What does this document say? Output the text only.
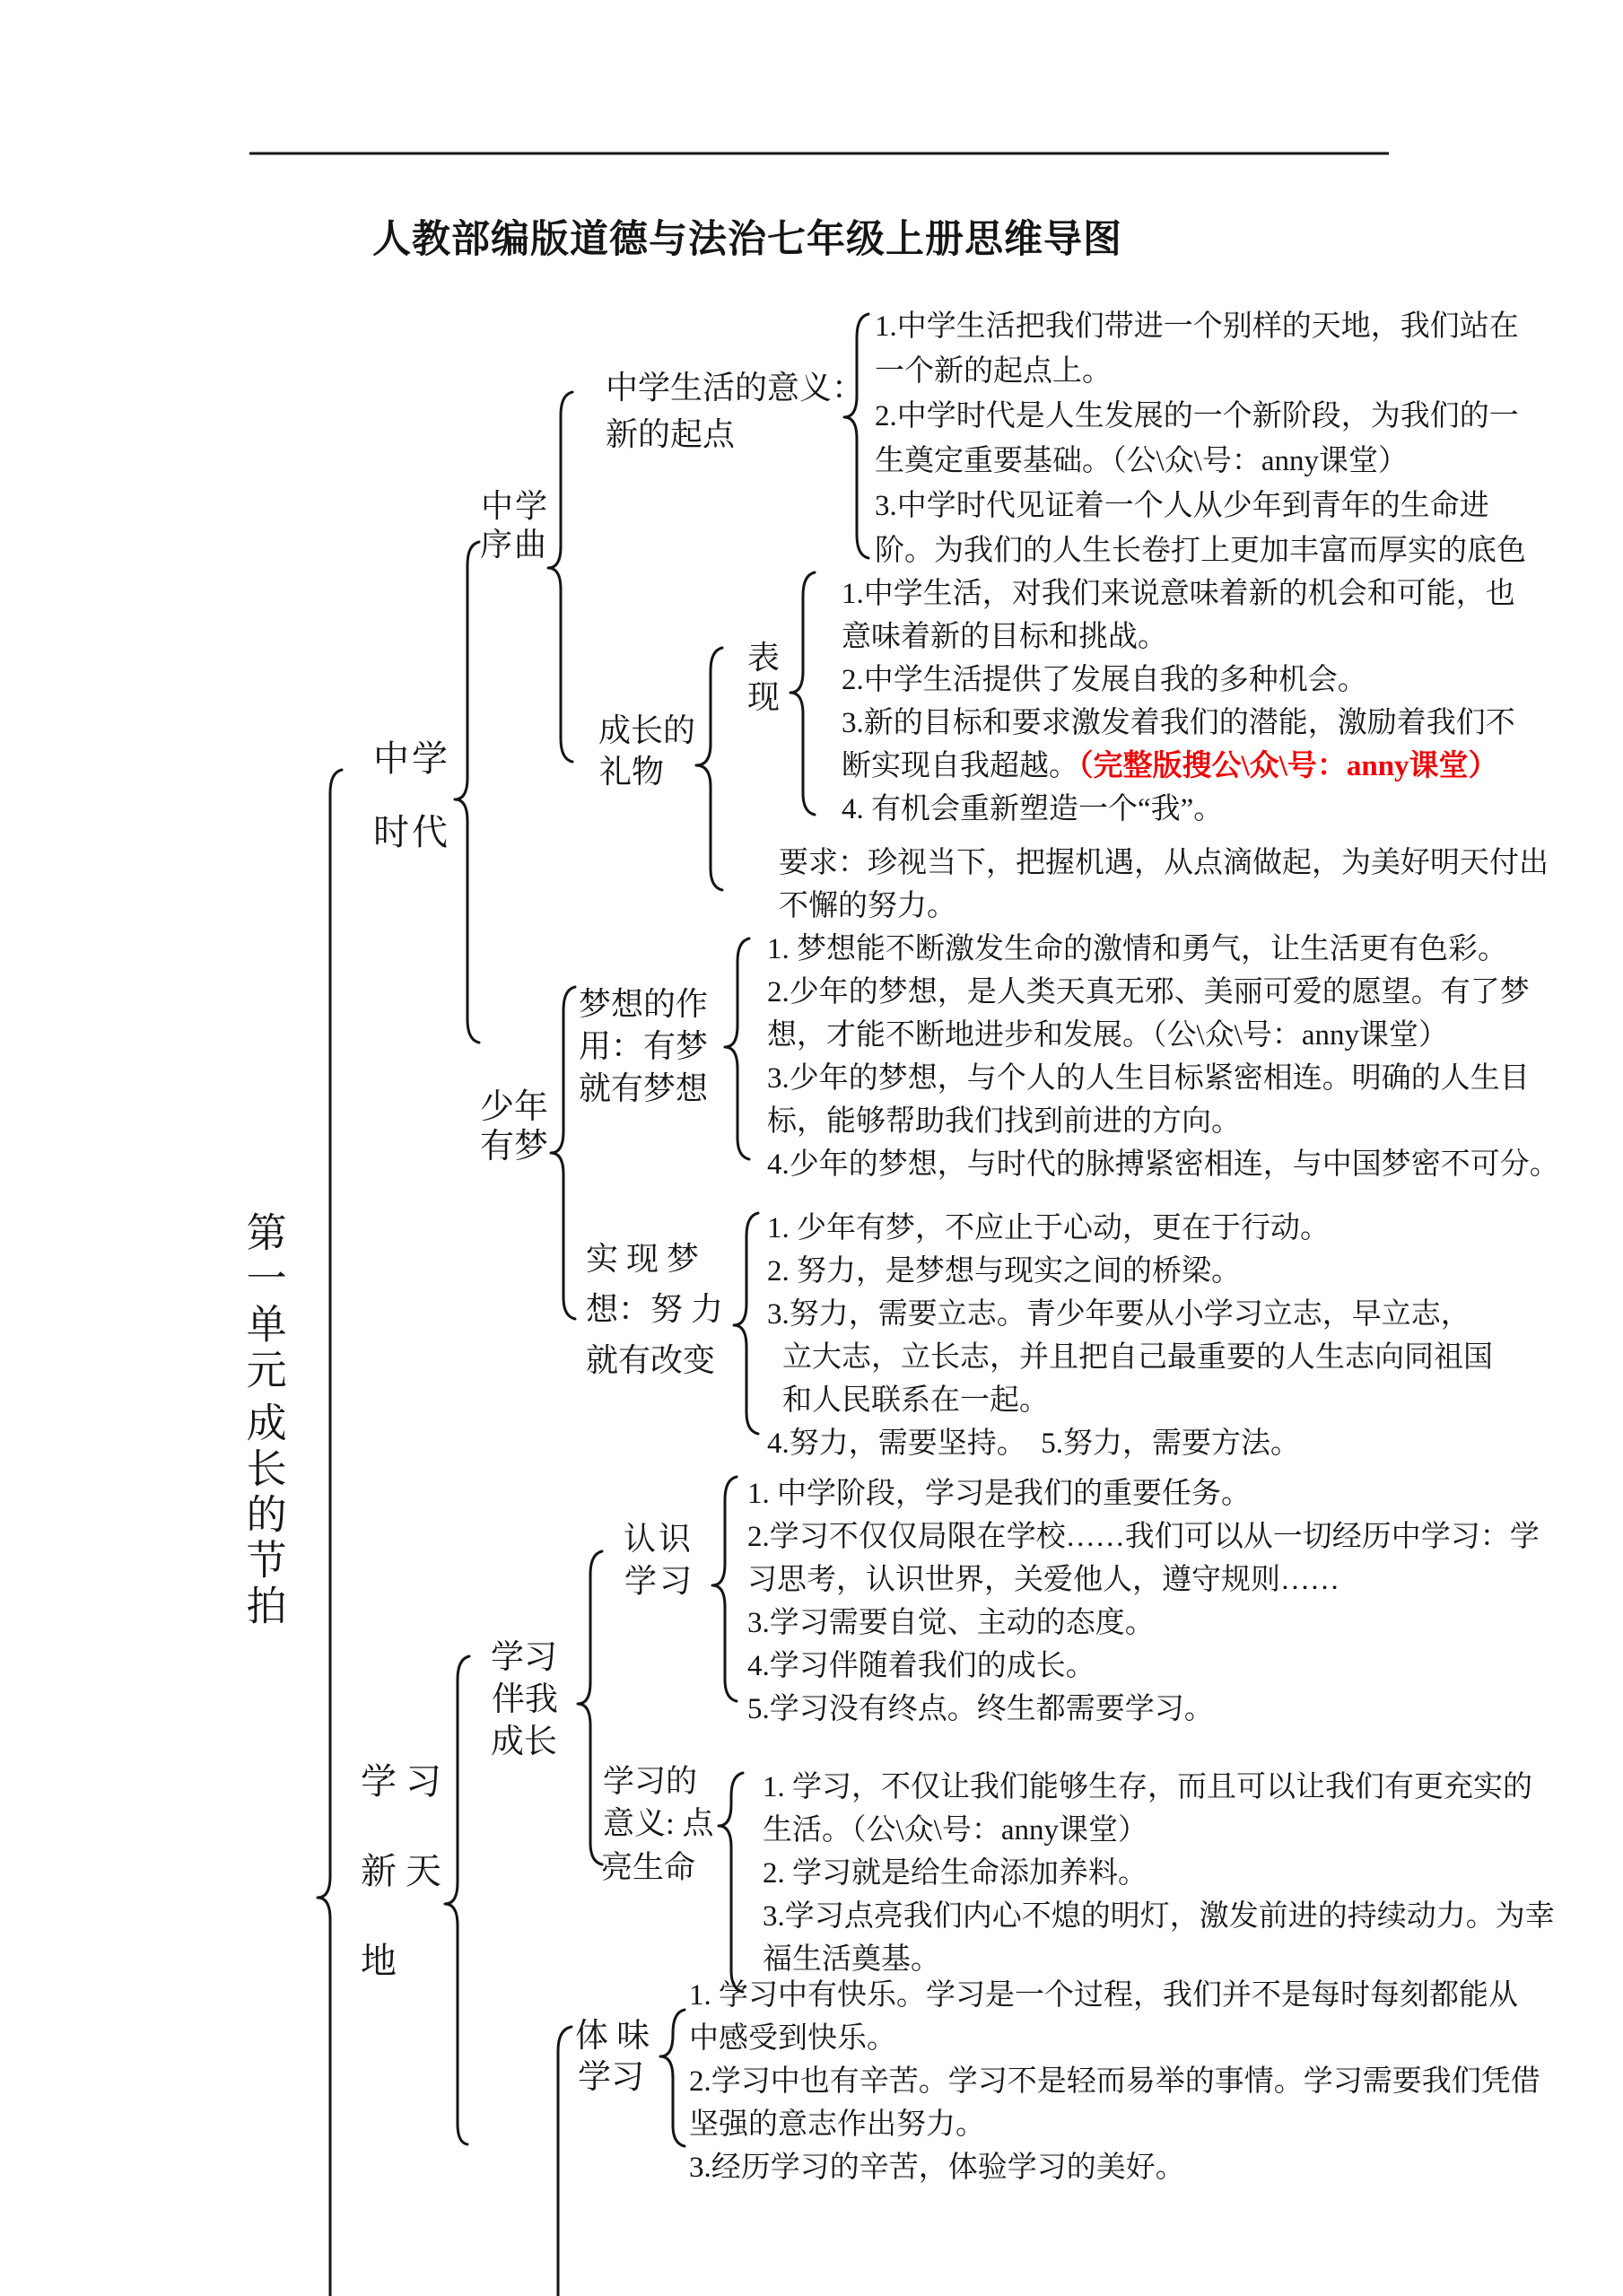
人教部编版道德与法治七年级上册思维导图
第一单元
成长的节拍
中学
时代
学 习
新 天
地
中学
序曲
少年
有梦
学习
伴我
成长
体 味
学习
中学生活的意义：
新的起点
成长的
礼物
表
现
梦想的作
用：有梦
就有梦想
实 现 梦
想：努 力
就有改变
认识
学习
学习的
意义: 点
亮生命
1.中学生活把我们带进一个别样的天地，我们站在
一个新的起点上。
2.中学时代是人生发展的一个新阶段，为我们的一
生奠定重要基础。（公\众\号：anny课堂）
3.中学时代见证着一个人从少年到青年的生命进
阶。为我们的人生长卷打上更加丰富而厚实的底色
1.中学生活，对我们来说意味着新的机会和可能，也
意味着新的目标和挑战。
2.中学生活提供了发展自我的多种机会。
3.新的目标和要求激发着我们的潜能，激励着我们不
断实现自我超越。（完整版搜公\众\号：anny课堂）
4. 有机会重新塑造一个“我”。
要求：珍视当下，把握机遇，从点滴做起，为美好明天付出
不懈的努力。
1. 梦想能不断激发生命的激情和勇气，让生活更有色彩。
2.少年的梦想，是人类天真无邪、美丽可爱的愿望。有了梦
想，才能不断地进步和发展。（公\众\号：anny课堂）
3.少年的梦想，与个人的人生目标紧密相连。明确的人生目
标，能够帮助我们找到前进的方向。
4.少年的梦想，与时代的脉搏紧密相连，与中国梦密不可分。
1. 少年有梦，不应止于心动，更在于行动。
2. 努力，是梦想与现实之间的桥梁。
3.努力，需要立志。青少年要从小学习立志，早立志，
立大志，立长志，并且把自己最重要的人生志向同祖国
和人民联系在一起。
4.努力，需要坚持。　5.努力，需要方法。
1. 中学阶段，学习是我们的重要任务。
2.学习不仅仅局限在学校……我们可以从一切经历中学习：学
习思考，认识世界，关爱他人，遵守规则……
3.学习需要自觉、主动的态度。
4.学习伴随着我们的成长。
5.学习没有终点。终生都需要学习。
1. 学习，不仅让我们能够生存，而且可以让我们有更充实的
生活。（公\众\号：anny课堂）
2. 学习就是给生命添加养料。
3.学习点亮我们内心不熄的明灯，激发前进的持续动力。为幸
福生活奠基。
1. 学习中有快乐。学习是一个过程，我们并不是每时每刻都能从
中感受到快乐。
2.学习中也有辛苦。学习不是轻而易举的事情。学习需要我们凭借
坚强的意志作出努力。
3.经历学习的辛苦，体验学习的美好。
